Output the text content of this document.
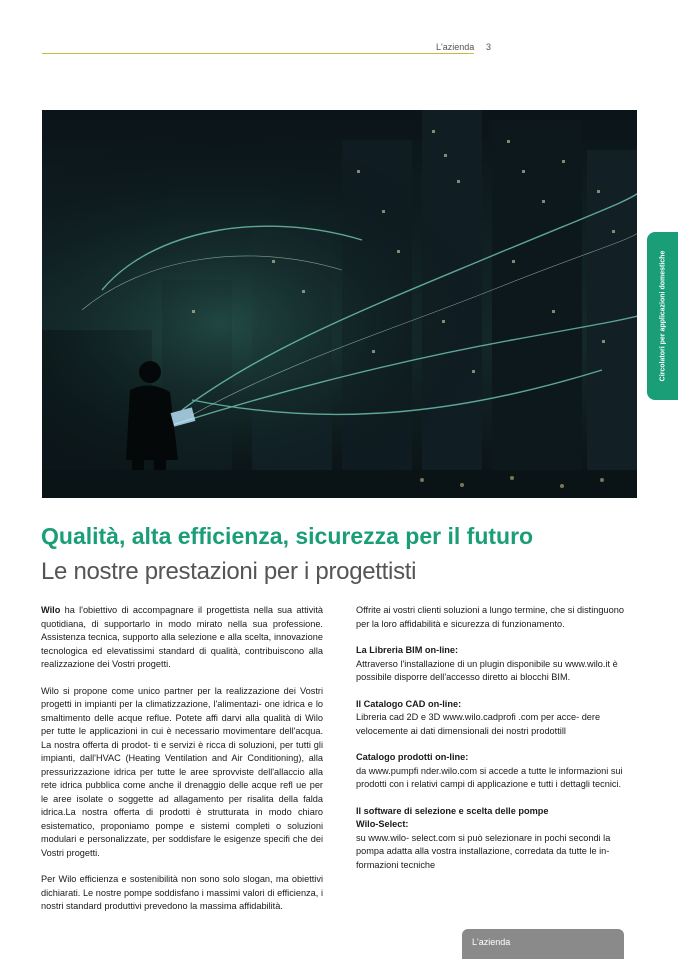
L'azienda 3
Circolatori per applicazioni domestiche
Qualità, alta efficienza, sicurezza per il futuro
Le nostre prestazioni per i progettisti

Wilo ha l'obiettivo di accompagnare il progettista nella sua attività quotidiana, di supportarlo in modo mirato nella sua professione. Assistenza tecnica, supporto alla selezione e alla scelta, innovazione tecnologica ed elevatissimi standard di qualità, contribuiscono alla realizzazione dei Vostri progetti.

Wilo si propone come unico partner per la realizzazione dei Vostri progetti in impianti per la climatizzazione, l'alimentazi- one idrica e lo smaltimento delle acque reflue. Potete affi darvi alla qualità di Wilo per tutte le applicazioni in cui è necessario movimentare dell'acqua. La nostra offerta di prodot- ti e servizi è ricca di soluzioni, per tutti gli impianti, dall'HVAC (Heating Ventilation and Air Conditioning), alla pressurizzazione idrica per tutte le aree sprovviste dell'allaccio alla rete idrica pubblica come anche il drenaggio delle acque refl ue per le aree isolate o soggette ad allagamento per risalita della falda idrica.La nostra offerta di prodotti è strutturata in modo chiaro esistematico, proponiamo pompe e sistemi completi o soluzioni modulari e personalizzate, per soddisfare le esigenze specifi che dei Vostri progetti.

Per Wilo efficienza e sostenibilità non sono solo slogan, ma obiettivi dichiarati. Le nostre pompe soddisfano i massimi valori di efficienza, i nostri standard produttivi prevedono la massima affidabilità.

Offrite ai vostri clienti soluzioni a lungo termine, che si distinguono per la loro affidabilità e sicurezza di funzionamento.

La Libreria BIM on-line:
Attraverso l'installazione di un plugin disponibile su www.wilo.it è possibile disporre dell'accesso diretto ai blocchi BIM.

Il Catalogo CAD on-line:
Libreria cad 2D e 3D www.wilo.cadprofi .com per acce- dere velocemente ai dati dimensionali dei nostri prodottill

Catalogo prodotti on-line:
da www.pumpfi nder.wilo.com si accede a tutte le informazioni sui prodotti con i relativi campi di applicazione e tutti i dettagli tecnici.

Il software di selezione e scelta delle pompe
Wilo-Select:
su www.wilo- select.com si può selezionare in pochi secondi la pompa adatta alla vostra installazione, corredata da tutte le in- formazioni tecniche

L'azienda
